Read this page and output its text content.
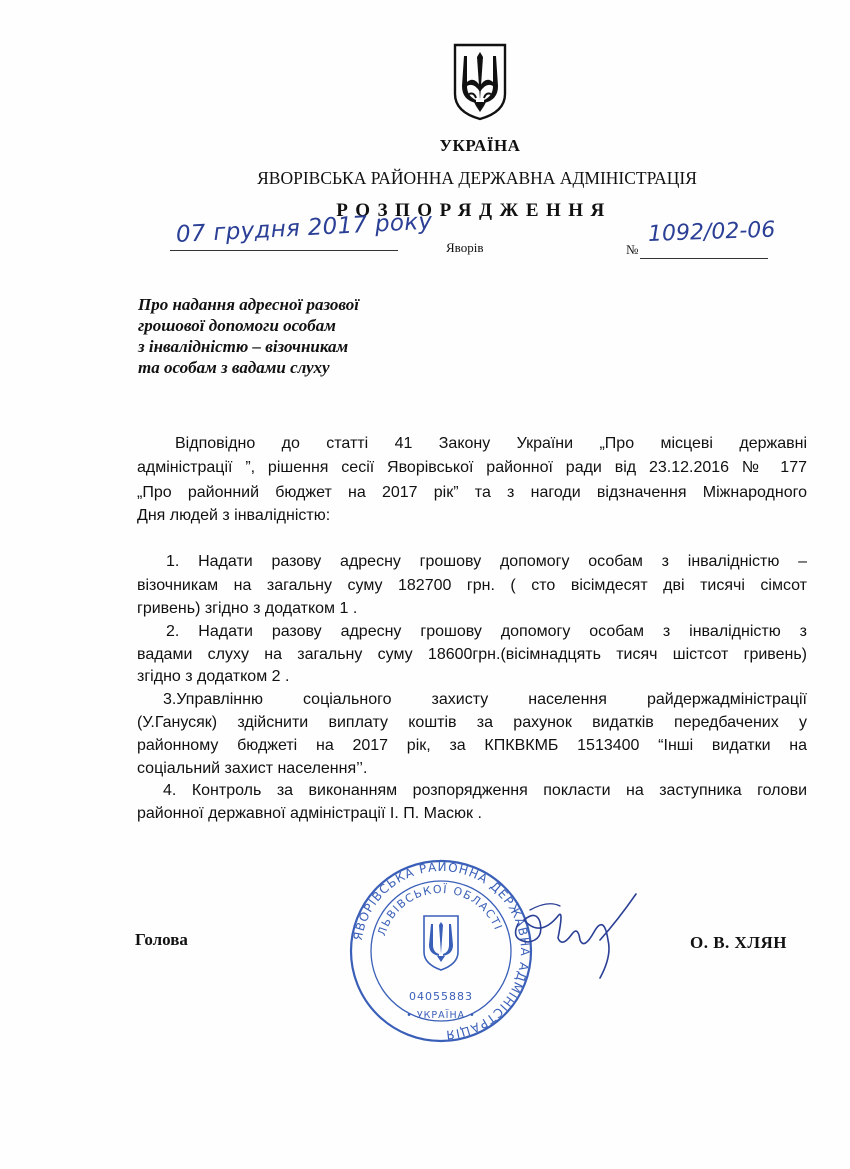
УКРАЇНА
ЯВОРІВСЬКА РАЙОННА ДЕРЖАВНА АДМІНІСТРАЦІЯ
РОЗПОРЯДЖЕННЯ
07 грудня 2017 року Яворів	№
1092/02-06
Про надання адресної разової
грошової допомоги особам
з інвалідністю – візочникам
та особам з вадами слуху
Відповідно до статті 41 Закону України „Про місцеві державні
адміністрації ”, рішення сесії Яворівської районної ради від 23.12.2016 № 177
„Про районний бюджет на 2017 рік” та з нагоди відзначення Міжнародного
Дня людей з інвалідністю:
1. Надати разову адресну грошову допомогу особам з інвалідністю –
візочникам на загальну суму 182700 грн. ( сто вісімдесят дві тисячі сімсот
гривень) згідно з додатком 1 .
2. Надати разову адресну грошову допомогу особам з інвалідністю з
вадами слуху на загальну суму 18600грн.(вісімнадцять тисяч шістсот гривень)
згідно з додатком 2 .
3.Управлінню соціального захисту населення райдержадміністрації
(У.Ганусяк) здійснити виплату коштів за рахунок видатків передбачених у
районному бюджеті на 2017 рік, за КПКВКМБ 1513400 “Інші видатки на
соціальний захист населення’’.
4. Контроль за виконанням розпорядження покласти на заступника голови
районної державної адміністрації І. П. Масюк .
ЯВОРІВСЬКА РАЙОННА ДЕРЖАВНА АДМІНІСТРАЦІЯ
ЛЬВІВСЬКОЇ ОБЛАСТІ
04055883
• УКРАЇНА •
Голова	О. В. ХЛЯН
